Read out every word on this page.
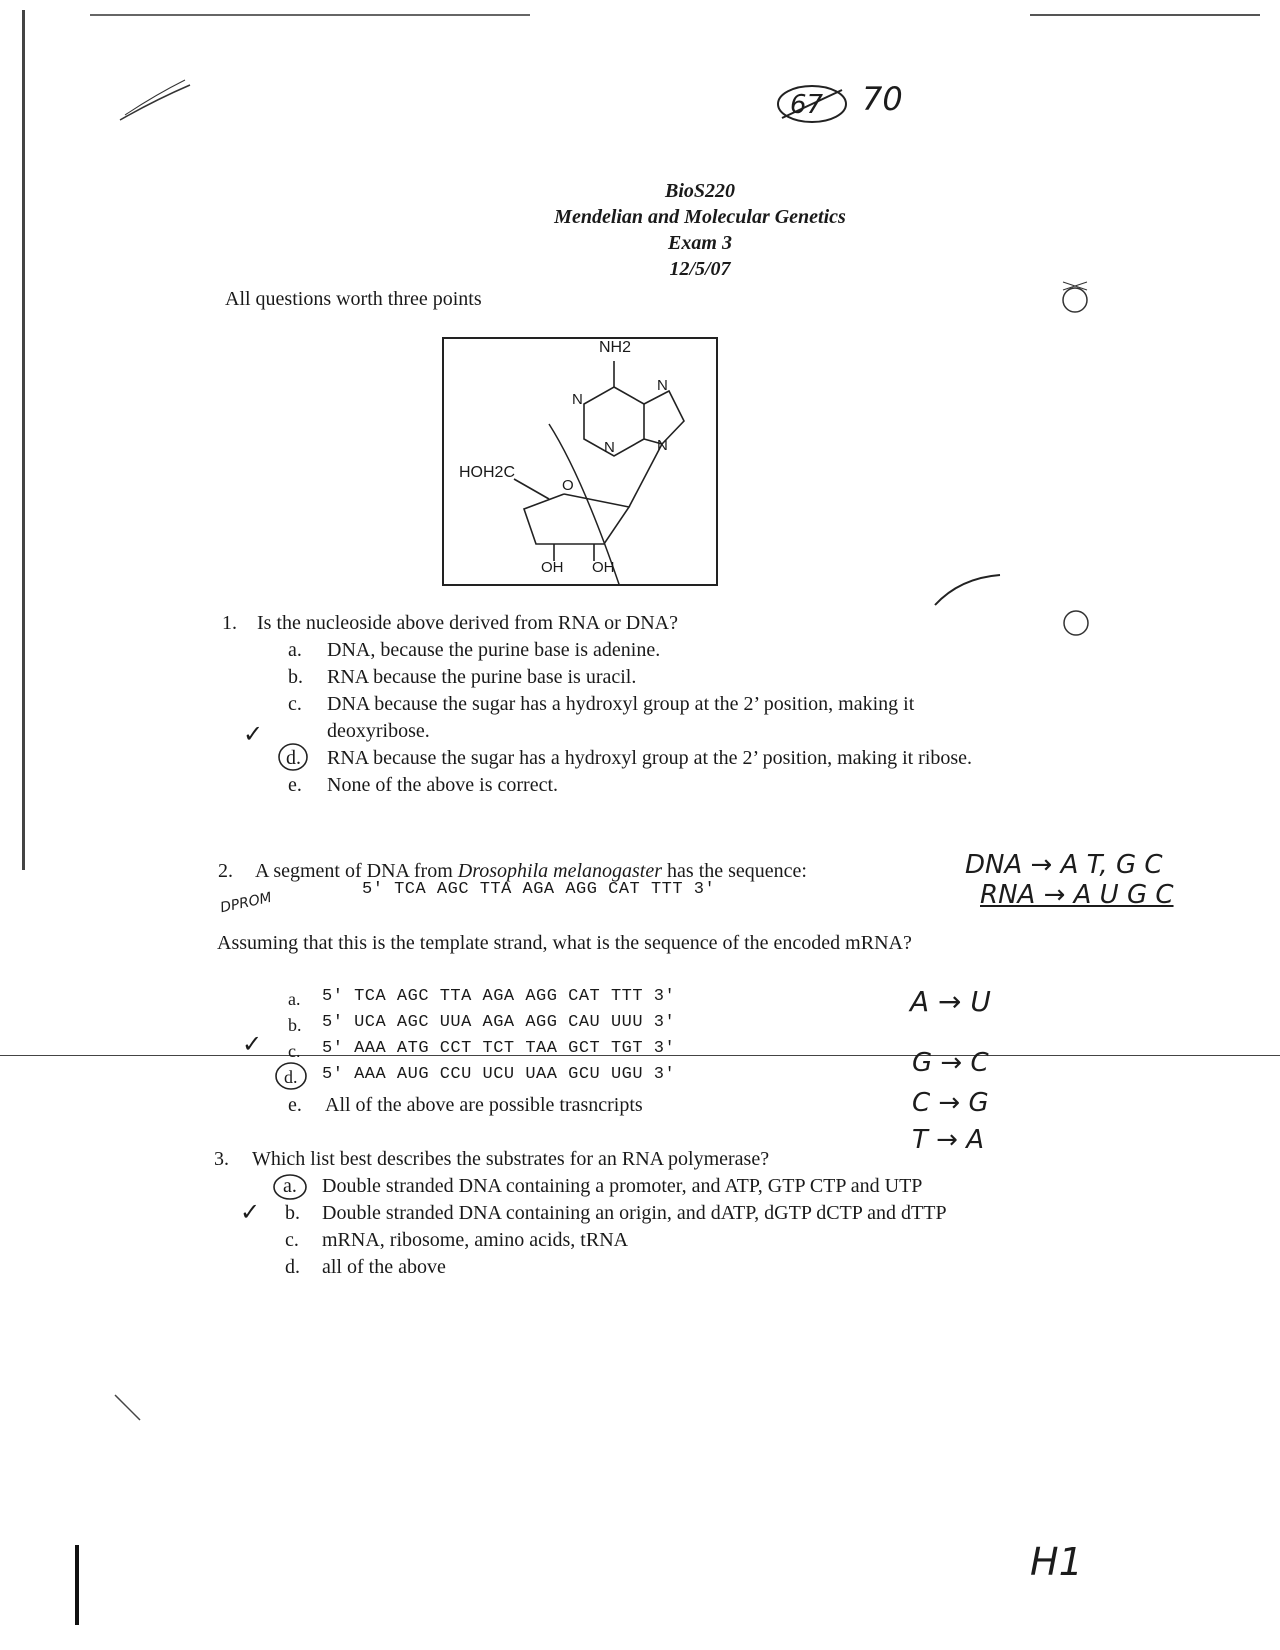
67 70
H1
BioS220
Mendelian and Molecular Genetics
Exam 3
12/5/07
All questions worth three points
NH2
N
N
N	N
HOH2C
O
OH OH
1. Is the nucleoside above derived from RNA or DNA?
a. DNA, because the purine base is adenine.
b. RNA because the purine base is uracil.
c. DNA because the sugar has a hydroxyl group at the 2’ position, making it
deoxyribose.
✓
d. RNA because the sugar has a hydroxyl group at the 2’ position, making it ribose.
e. None of the above is correct.
2. A segment of DNA from Drosophila melanogaster has the sequence:	DNA → A T, G C
RNA → A U G C
DPROM
5′ TCA AGC TTA AGA AGG CAT TTT 3′
Assuming that this is the template strand, what is the sequence of the encoded mRNA?
a. 5′ TCA AGC TTA AGA AGG CAT TTT 3′
b. 5′ UCA AGC UUA AGA AGG CAU UUU 3′
✓ c. 5′ AAA ATG CCT TCT TAA GCT TGT 3′
d. 5′ AAA AUG CCU UCU UAA GCU UGU 3′
e. All of the above are possible trasncripts
A → U
G → C
C → G
T → A
3. Which list best describes the substrates for an RNA polymerase?
a. Double stranded DNA containing a promoter, and ATP, GTP CTP and UTP
✓ b. Double stranded DNA containing an origin, and dATP, dGTP dCTP and dTTP
c. mRNA, ribosome, amino acids, tRNA
d. all of the above
